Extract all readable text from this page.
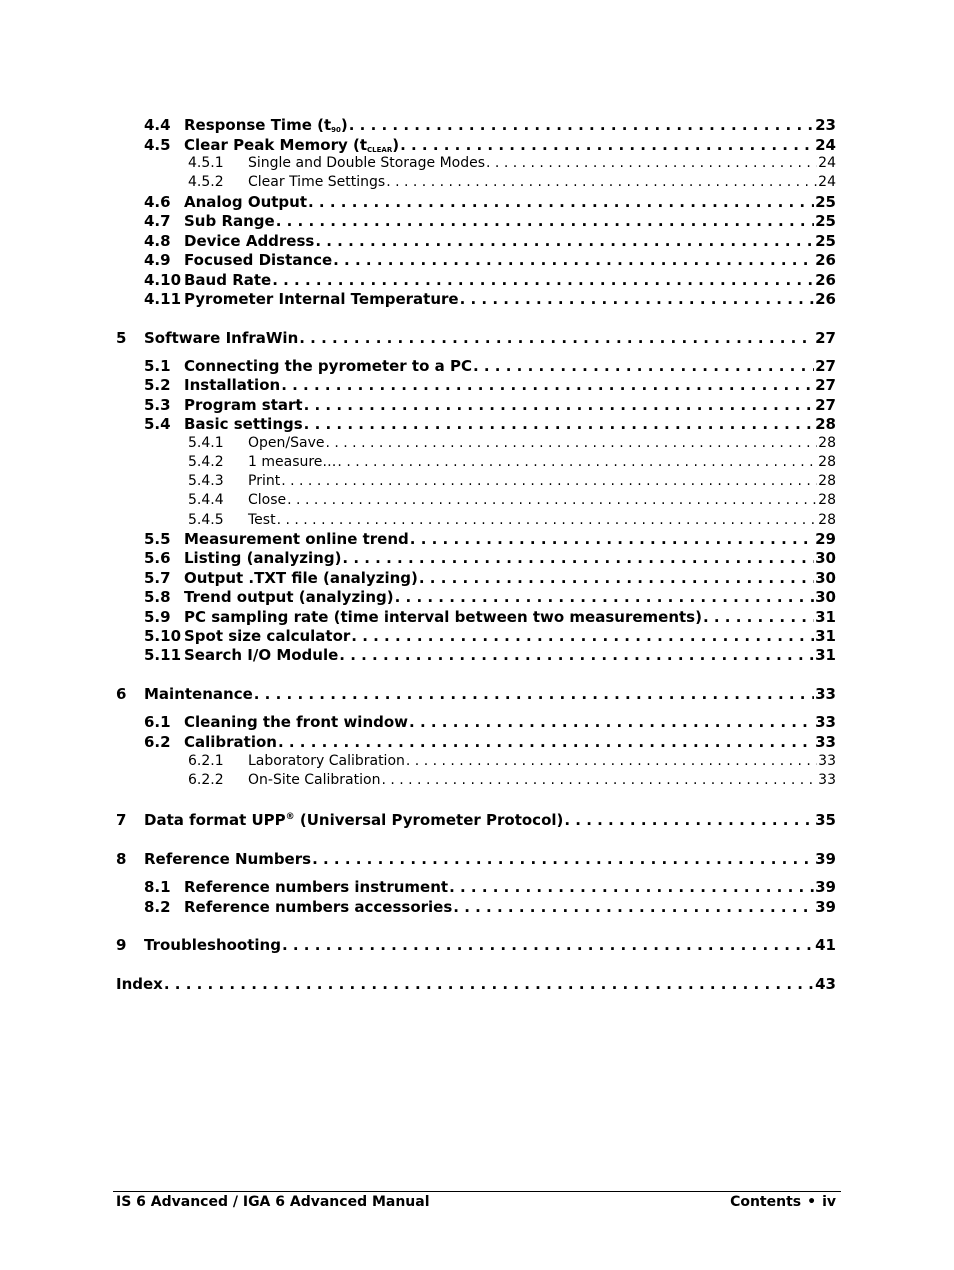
4.4 Response Time $(t_{90})$ . . .	23
4.5 Clear Peak Memory $(t_{CLEAR})$ . . .	24
4.5.1	Single and Double Storage Modes . . .	24
4.5.2	Clear Time Settings . . .	24
4.6 Analog Output . . .	25
4.7 Sub Range . . .	25
4.8 Device Address . . .	25
4.9 Focused Distance . . .	26
4.10 Baud Rate . . .	26
4.11 Pyrometer Internal Temperature . . .	26
5	Software InfraWin . . .	27
5.1 Connecting the pyrometer to a PC . . .	27
5.2 Installation . . .	27
5.3 Program start . . .	27
5.4 Basic settings . . .	28
5.4.1	Open/Save . . .	28
5.4.2	1 measure… . . .	28
5.4.3	Print . . .	28
5.4.4	Close . . .	28
5.4.5	Test . . .	28
5.5 Measurement online trend . . .	29
5.6 Listing (analyzing) . . .	30
5.7 Output .TXT file (analyzing) . . .	30
5.8 Trend output (analyzing) . . .	30
5.9 PC sampling rate (time interval between two measurements) . . .	31
5.10 Spot size calculator . . .	31
5.11 Search I/O Module . . .	31
6	Maintenance . . .	33
6.1 Cleaning the front window . . .	33
6.2 Calibration . . .	33
6.2.1	Laboratory Calibration . . .	33
6.2.2	On-Site Calibration . . .	33
7	Data format UPP® (Universal Pyrometer Protocol) . . .	35
8	Reference Numbers . . .	39
8.1 Reference numbers instrument . . .	39
8.2 Reference numbers accessories . . .	39
9	Troubleshooting . . .	41
Index . . .	43
IS 6 Advanced / IGA 6 Advanced Manual	Contents • iv
